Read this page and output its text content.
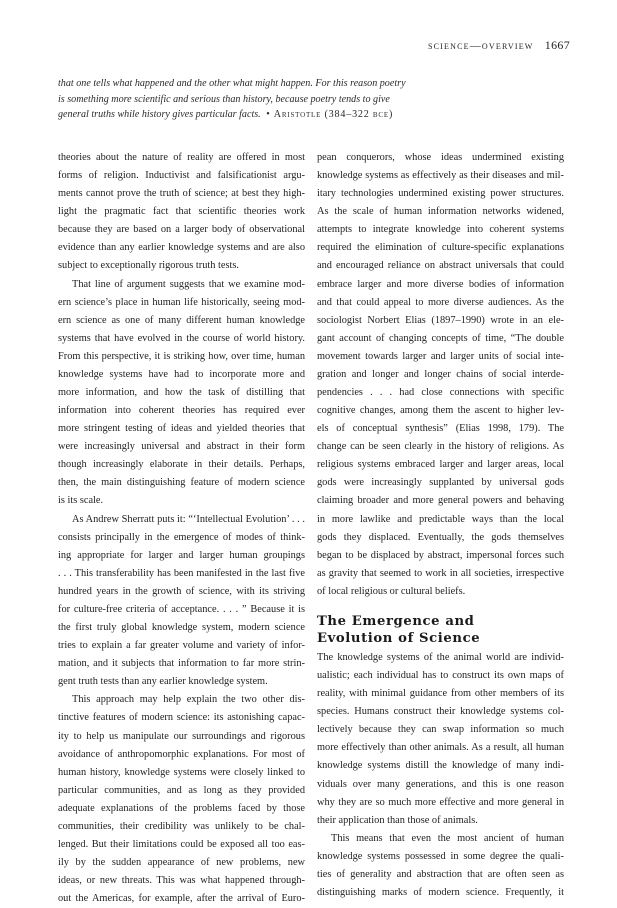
science—overview 1667
that one tells what happened and the other what might happen. For this reason poetry
is something more scientific and serious than history, because poetry tends to give
general truths while history gives particular facts. • Aristotle (384–322 bce)
theories about the nature of reality are offered in most
forms of religion. Inductivist and falsificationist argu-
ments cannot prove the truth of science; at best they high-
light the pragmatic fact that scientific theories work
because they are based on a larger body of observational
evidence than any earlier knowledge systems and are also
subject to exceptionally rigorous truth tests.
That line of argument suggests that we examine mod-
ern science’s place in human life historically, seeing mod-
ern science as one of many different human knowledge
systems that have evolved in the course of world history.
From this perspective, it is striking how, over time, human
knowledge systems have had to incorporate more and
more information, and how the task of distilling that
information into coherent theories has required ever
more stringent testing of ideas and yielded theories that
were increasingly universal and abstract in their form
though increasingly elaborate in their details. Perhaps,
then, the main distinguishing feature of modern science
is its scale.
As Andrew Sherratt puts it: “‘Intellectual Evolution’ . . .
consists principally in the emergence of modes of think-
ing appropriate for larger and larger human groupings
. . . This transferability has been manifested in the last five
hundred years in the growth of science, with its striving
for culture-free criteria of acceptance. . . . ” Because it is
the first truly global knowledge system, modern science
tries to explain a far greater volume and variety of infor-
mation, and it subjects that information to far more strin-
gent truth tests than any earlier knowledge system.
This approach may help explain the two other dis-
tinctive features of modern science: its astonishing capac-
ity to help us manipulate our surroundings and rigorous
avoidance of anthropomorphic explanations. For most of
human history, knowledge systems were closely linked to
particular communities, and as long as they provided
adequate explanations of the problems faced by those
communities, their credibility was unlikely to be chal-
lenged. But their limitations could be exposed all too eas-
ily by the sudden appearance of new problems, new
ideas, or new threats. This was what happened through-
out the Americas, for example, after the arrival of Euro-
pean conquerors, whose ideas undermined existing
knowledge systems as effectively as their diseases and mil-
itary technologies undermined existing power structures.
As the scale of human information networks widened,
attempts to integrate knowledge into coherent systems
required the elimination of culture-specific explanations
and encouraged reliance on abstract universals that could
embrace larger and more diverse bodies of information
and that could appeal to more diverse audiences. As the
sociologist Norbert Elias (1897–1990) wrote in an ele-
gant account of changing concepts of time, “The double
movement towards larger and larger units of social inte-
gration and longer and longer chains of social interde-
pendencies . . . had close connections with specific
cognitive changes, among them the ascent to higher lev-
els of conceptual synthesis” (Elias 1998, 179). The
change can be seen clearly in the history of religions. As
religious systems embraced larger and larger areas, local
gods were increasingly supplanted by universal gods
claiming broader and more general powers and behaving
in more lawlike and predictable ways than the local
gods they displaced. Eventually, the gods themselves
began to be displaced by abstract, impersonal forces such
as gravity that seemed to work in all societies, irrespective
of local religious or cultural beliefs.
The Emergence and
Evolution of Science
The knowledge systems of the animal world are individ-
ualistic; each individual has to construct its own maps of
reality, with minimal guidance from other members of its
species. Humans construct their knowledge systems col-
lectively because they can swap information so much
more effectively than other animals. As a result, all human
knowledge systems distill the knowledge of many indi-
viduals over many generations, and this is one reason
why they are so much more effective and more general in
their application than those of animals.
This means that even the most ancient of human
knowledge systems possessed in some degree the quali-
ties of generality and abstraction that are often seen as
distinguishing marks of modern science. Frequently, it
